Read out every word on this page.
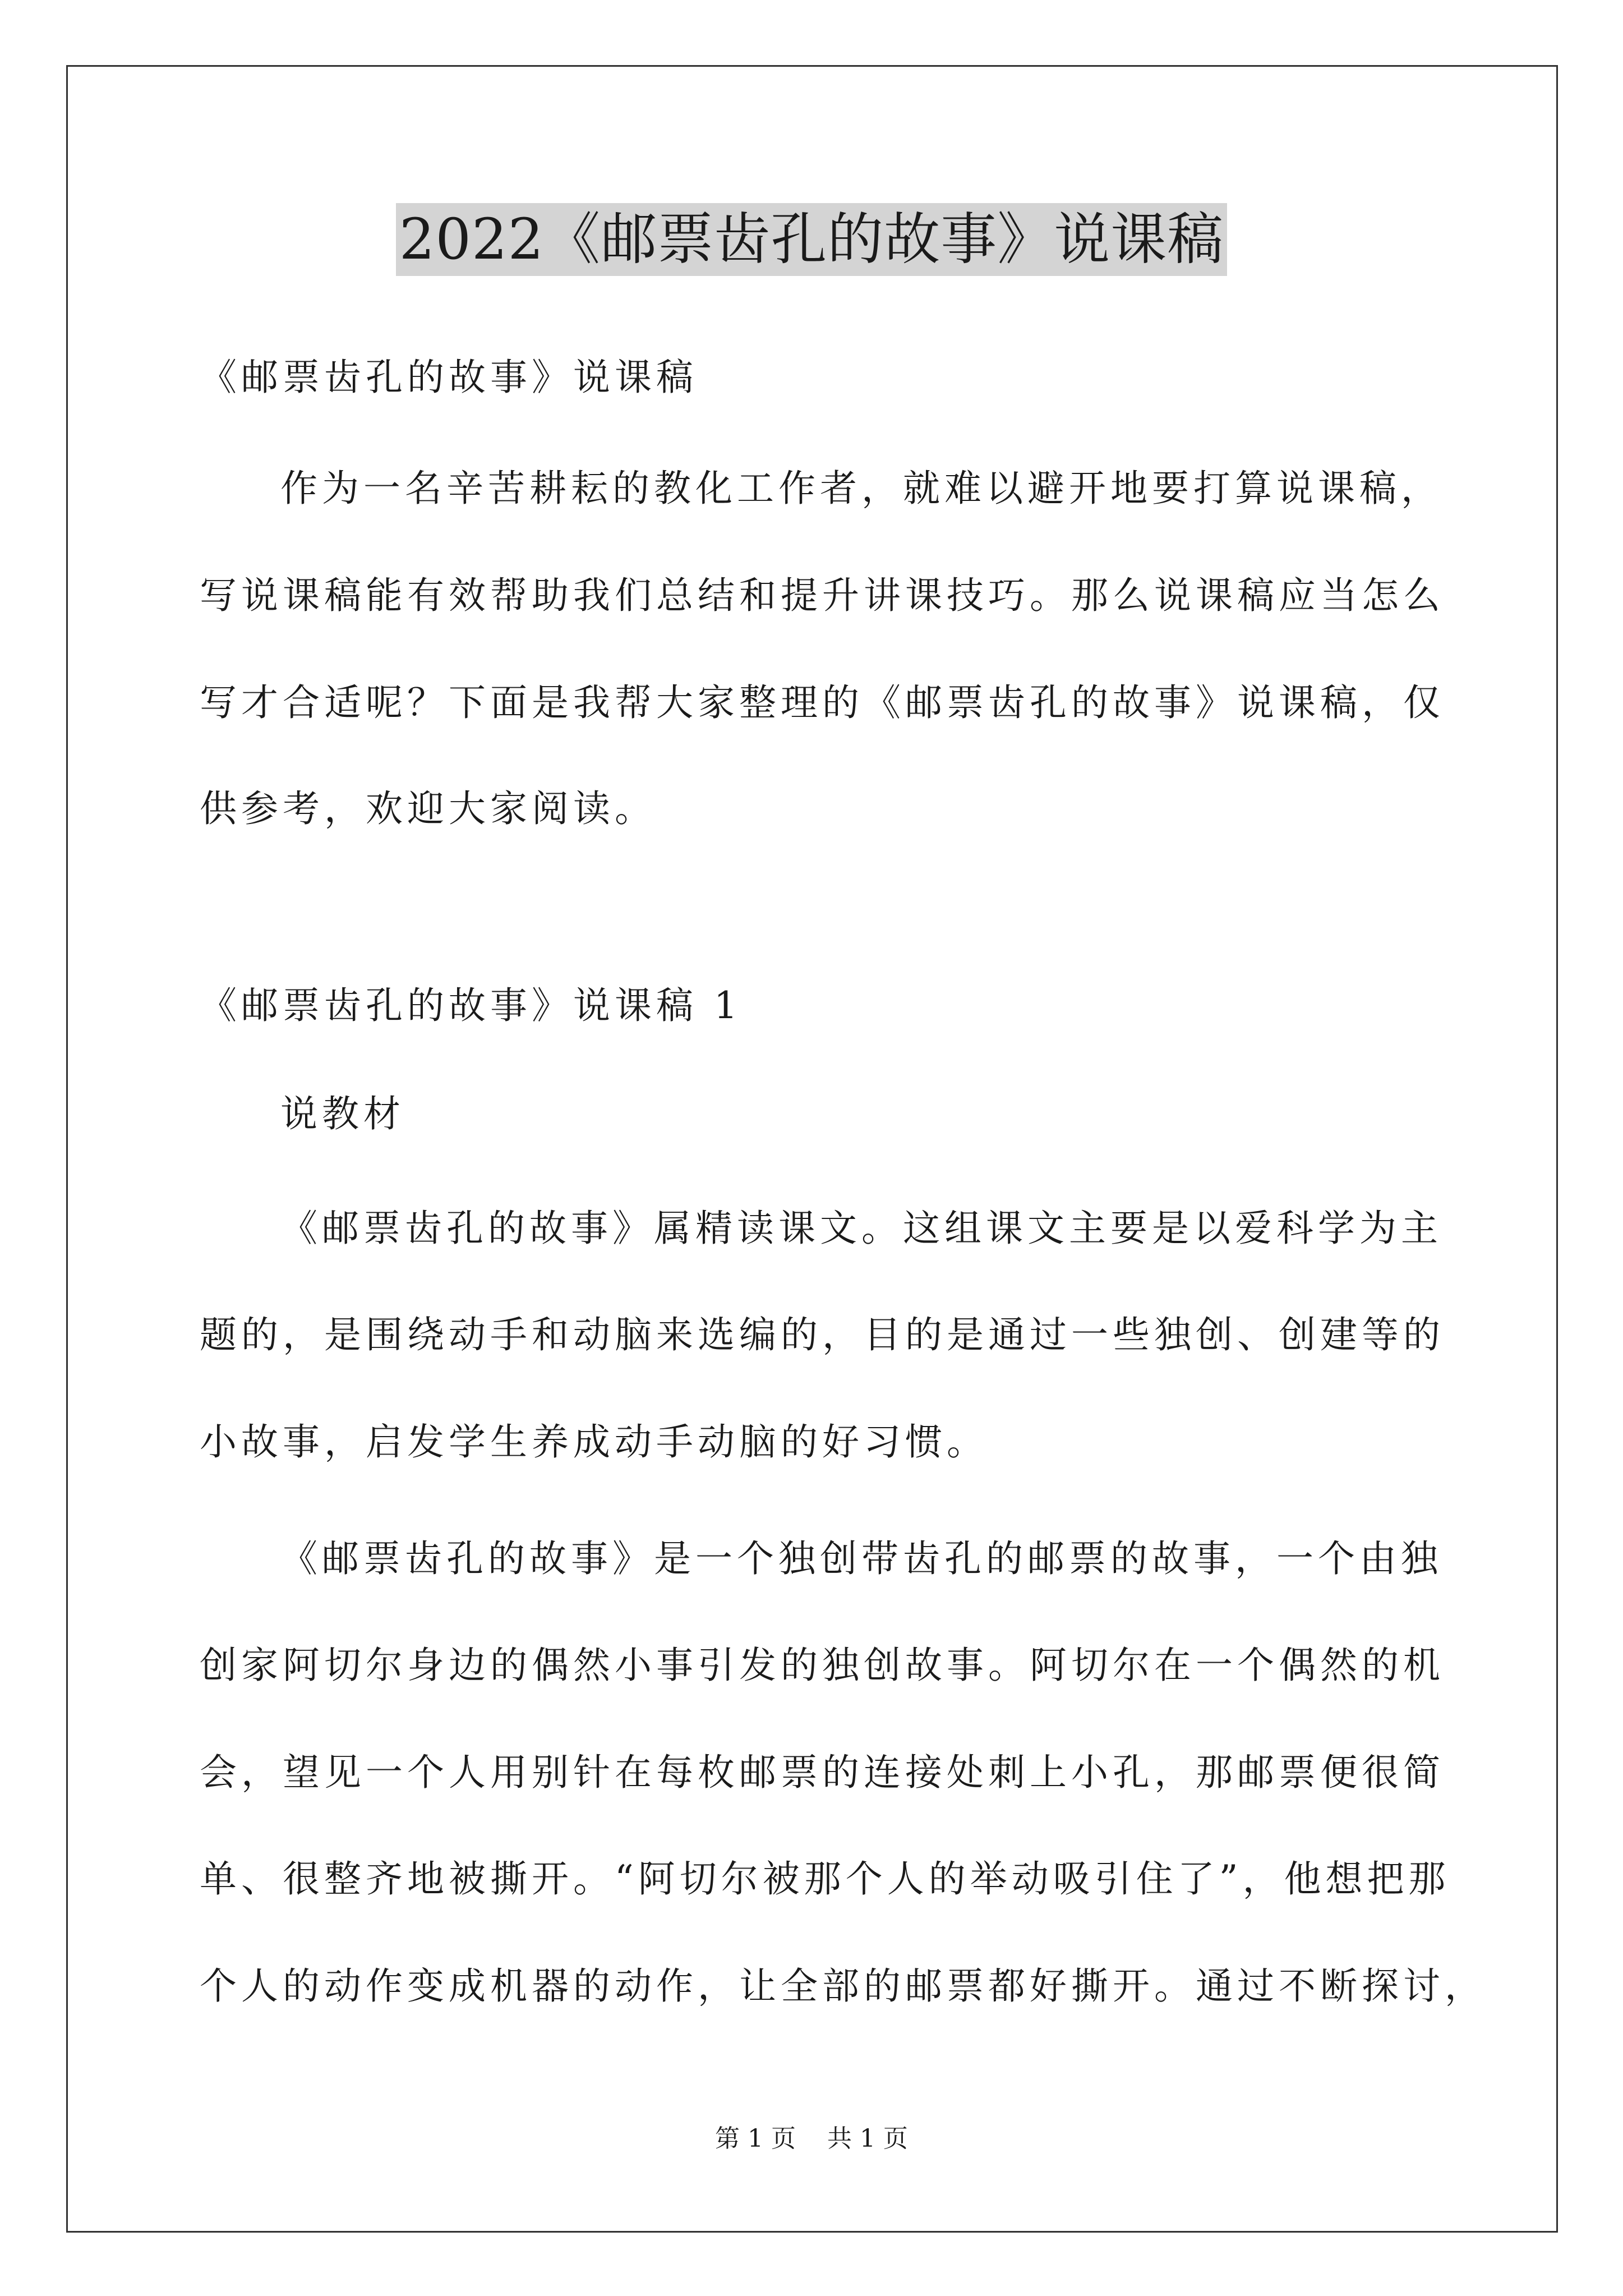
2022《邮票齿孔的故事》说课稿
《邮票齿孔的故事》说课稿
作为一名辛苦耕耘的教化工作者，就难以避开地要打算说课稿，
写说课稿能有效帮助我们总结和提升讲课技巧。那么说课稿应当怎么
写才合适呢？下面是我帮大家整理的《邮票齿孔的故事》说课稿，仅
供参考，欢迎大家阅读。
《邮票齿孔的故事》说课稿 1
说教材
《邮票齿孔的故事》属精读课文。这组课文主要是以爱科学为主
题的，是围绕动手和动脑来选编的，目的是通过一些独创、创建等的
小故事，启发学生养成动手动脑的好习惯。
《邮票齿孔的故事》是一个独创带齿孔的邮票的故事，一个由独
创家阿切尔身边的偶然小事引发的独创故事。阿切尔在一个偶然的机
会，望见一个人用别针在每枚邮票的连接处刺上小孔，那邮票便很简
单、很整齐地被撕开。“阿切尔被那个人的举动吸引住了”，他想把那
个人的动作变成机器的动作，让全部的邮票都好撕开。通过不断探讨，
第 1 页    共 1 页
